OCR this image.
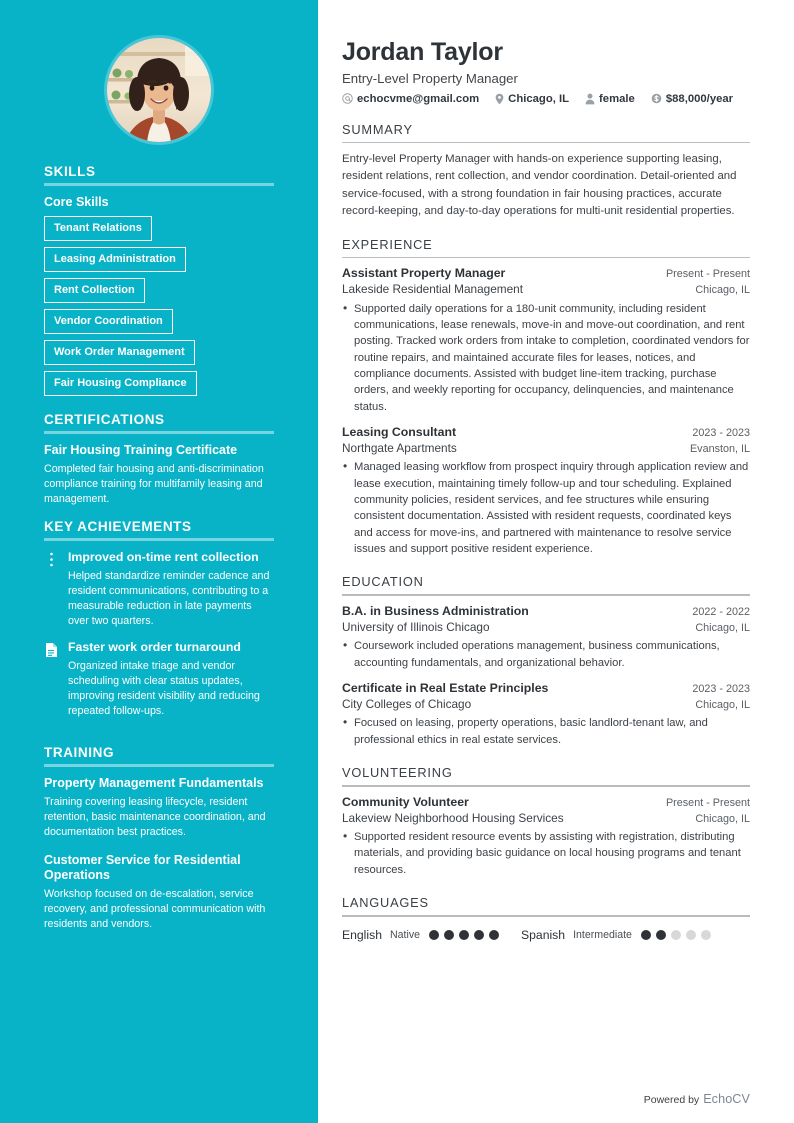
SKILLS
Core Skills
Tenant Relations
Leasing Administration
Rent Collection
Vendor Coordination
Work Order Management
Fair Housing Compliance
CERTIFICATIONS
Fair Housing Training Certificate
Completed fair housing and anti-discrimination compliance training for multifamily leasing and management.
KEY ACHIEVEMENTS
Improved on-time rent collection
Helped standardize reminder cadence and resident communications, contributing to a measurable reduction in late payments over two quarters.
Faster work order turnaround
Organized intake triage and vendor scheduling with clear status updates, improving resident visibility and reducing repeated follow-ups.
TRAINING
Property Management Fundamentals
Training covering leasing lifecycle, resident retention, basic maintenance coordination, and documentation best practices.
Customer Service for Residential Operations
Workshop focused on de-escalation, service recovery, and professional communication with residents and vendors.
Jordan Taylor
Entry-Level Property Manager
echocvme@gmail.com	Chicago, IL	female	$88,000/year
SUMMARY

Entry-level Property Manager with hands-on experience supporting leasing, resident relations, rent collection, and vendor coordination. Detail-oriented and service-focused, with a strong foundation in fair housing practices, accurate record-keeping, and day-to-day operations for multi-unit residential properties.

EXPERIENCE
Assistant Property Manager	Present - Present
Lakeside Residential Management	Chicago, IL
• Supported daily operations for a 180-unit community, including resident communications, lease renewals, move-in and move-out coordination, and rent posting. Tracked work orders from intake to completion, coordinated vendors for routine repairs, and maintained accurate files for leases, notices, and compliance documents. Assisted with budget line-item tracking, purchase orders, and weekly reporting for occupancy, delinquencies, and maintenance status.
Leasing Consultant	2023 - 2023
Northgate Apartments	Evanston, IL
• Managed leasing workflow from prospect inquiry through application review and lease execution, maintaining timely follow-up and tour scheduling. Explained community policies, resident services, and fee structures while ensuring consistent documentation. Assisted with resident requests, coordinated keys and access for move-ins, and partnered with maintenance to resolve service issues and support positive resident experience.
EDUCATION
B.A. in Business Administration	2022 - 2022
University of Illinois Chicago	Chicago, IL
• Coursework included operations management, business communications, accounting fundamentals, and organizational behavior.
Certificate in Real Estate Principles	2023 - 2023
City Colleges of Chicago	Chicago, IL
• Focused on leasing, property operations, basic landlord-tenant law, and professional ethics in real estate services.
VOLUNTEERING
Community Volunteer	Present - Present
Lakeview Neighborhood Housing Services	Chicago, IL
• Supported resident resource events by assisting with registration, distributing materials, and providing basic guidance on local housing programs and tenant resources.
LANGUAGES
English Native	Spanish Intermediate
Powered by EchoCV
